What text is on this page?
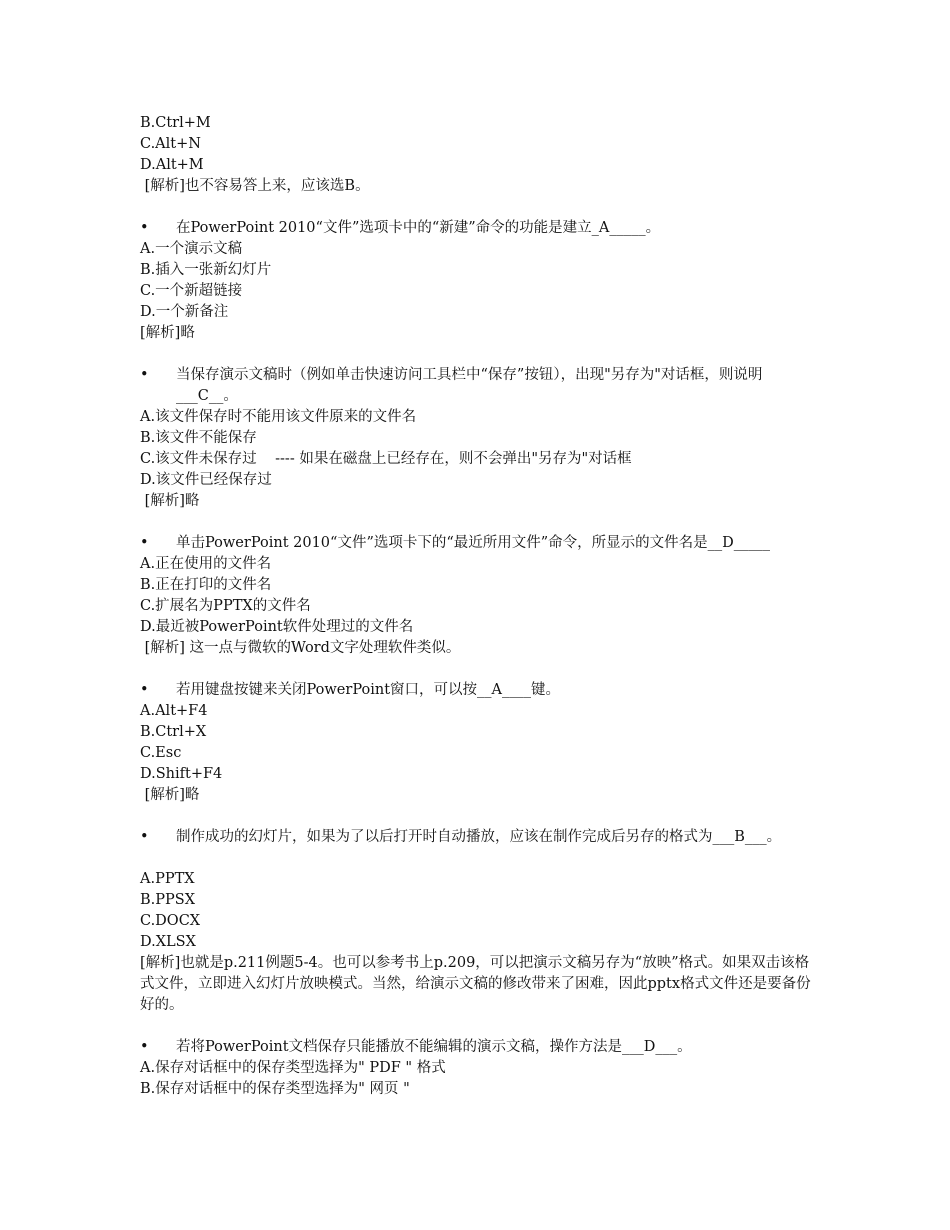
B.Ctrl+M
C.Alt+N
D.Alt+M
[解析]也不容易答上来，应该选B。
• 在PowerPoint 2010“文件”选项卡中的“新建”命令的功能是建立_A_____。
A.一个演示文稿
B.插入一张新幻灯片
C.一个新超链接
D.一个新备注
[解析]略
• 当保存演示文稿时（例如单击快速访问工具栏中“保存”按钮），出现"另存为"对话框，则说明___C__。
A.该文件保存时不能用该文件原来的文件名
B.该文件不能保存
C.该文件未保存过    ---- 如果在磁盘上已经存在，则不会弹出"另存为"对话框
D.该文件已经保存过
[解析]略
• 单击PowerPoint 2010“文件”选项卡下的“最近所用文件”命令，所显示的文件名是__D_____
A.正在使用的文件名
B.正在打印的文件名
C.扩展名为PPTX的文件名
D.最近被PowerPoint软件处理过的文件名
[解析] 这一点与微软的Word文字处理软件类似。
• 若用键盘按键来关闭PowerPoint窗口，可以按__A____键。
A.Alt+F4
B.Ctrl+X
C.Esc
D.Shift+F4
[解析]略
• 制作成功的幻灯片，如果为了以后打开时自动播放，应该在制作完成后另存的格式为___B___。
A.PPTX
B.PPSX
C.DOCX
D.XLSX
[解析]也就是p.211例题5-4。也可以参考书上p.209，可以把演示文稿另存为“放映”格式。如果双击该格式文件，立即进入幻灯片放映模式。当然，给演示文稿的修改带来了困难，因此pptx格式文件还是要备份好的。
• 若将PowerPoint文档保存只能播放不能编辑的演示文稿，操作方法是___D___。
A.保存对话框中的保存类型选择为" PDF " 格式
B.保存对话框中的保存类型选择为" 网页 "
